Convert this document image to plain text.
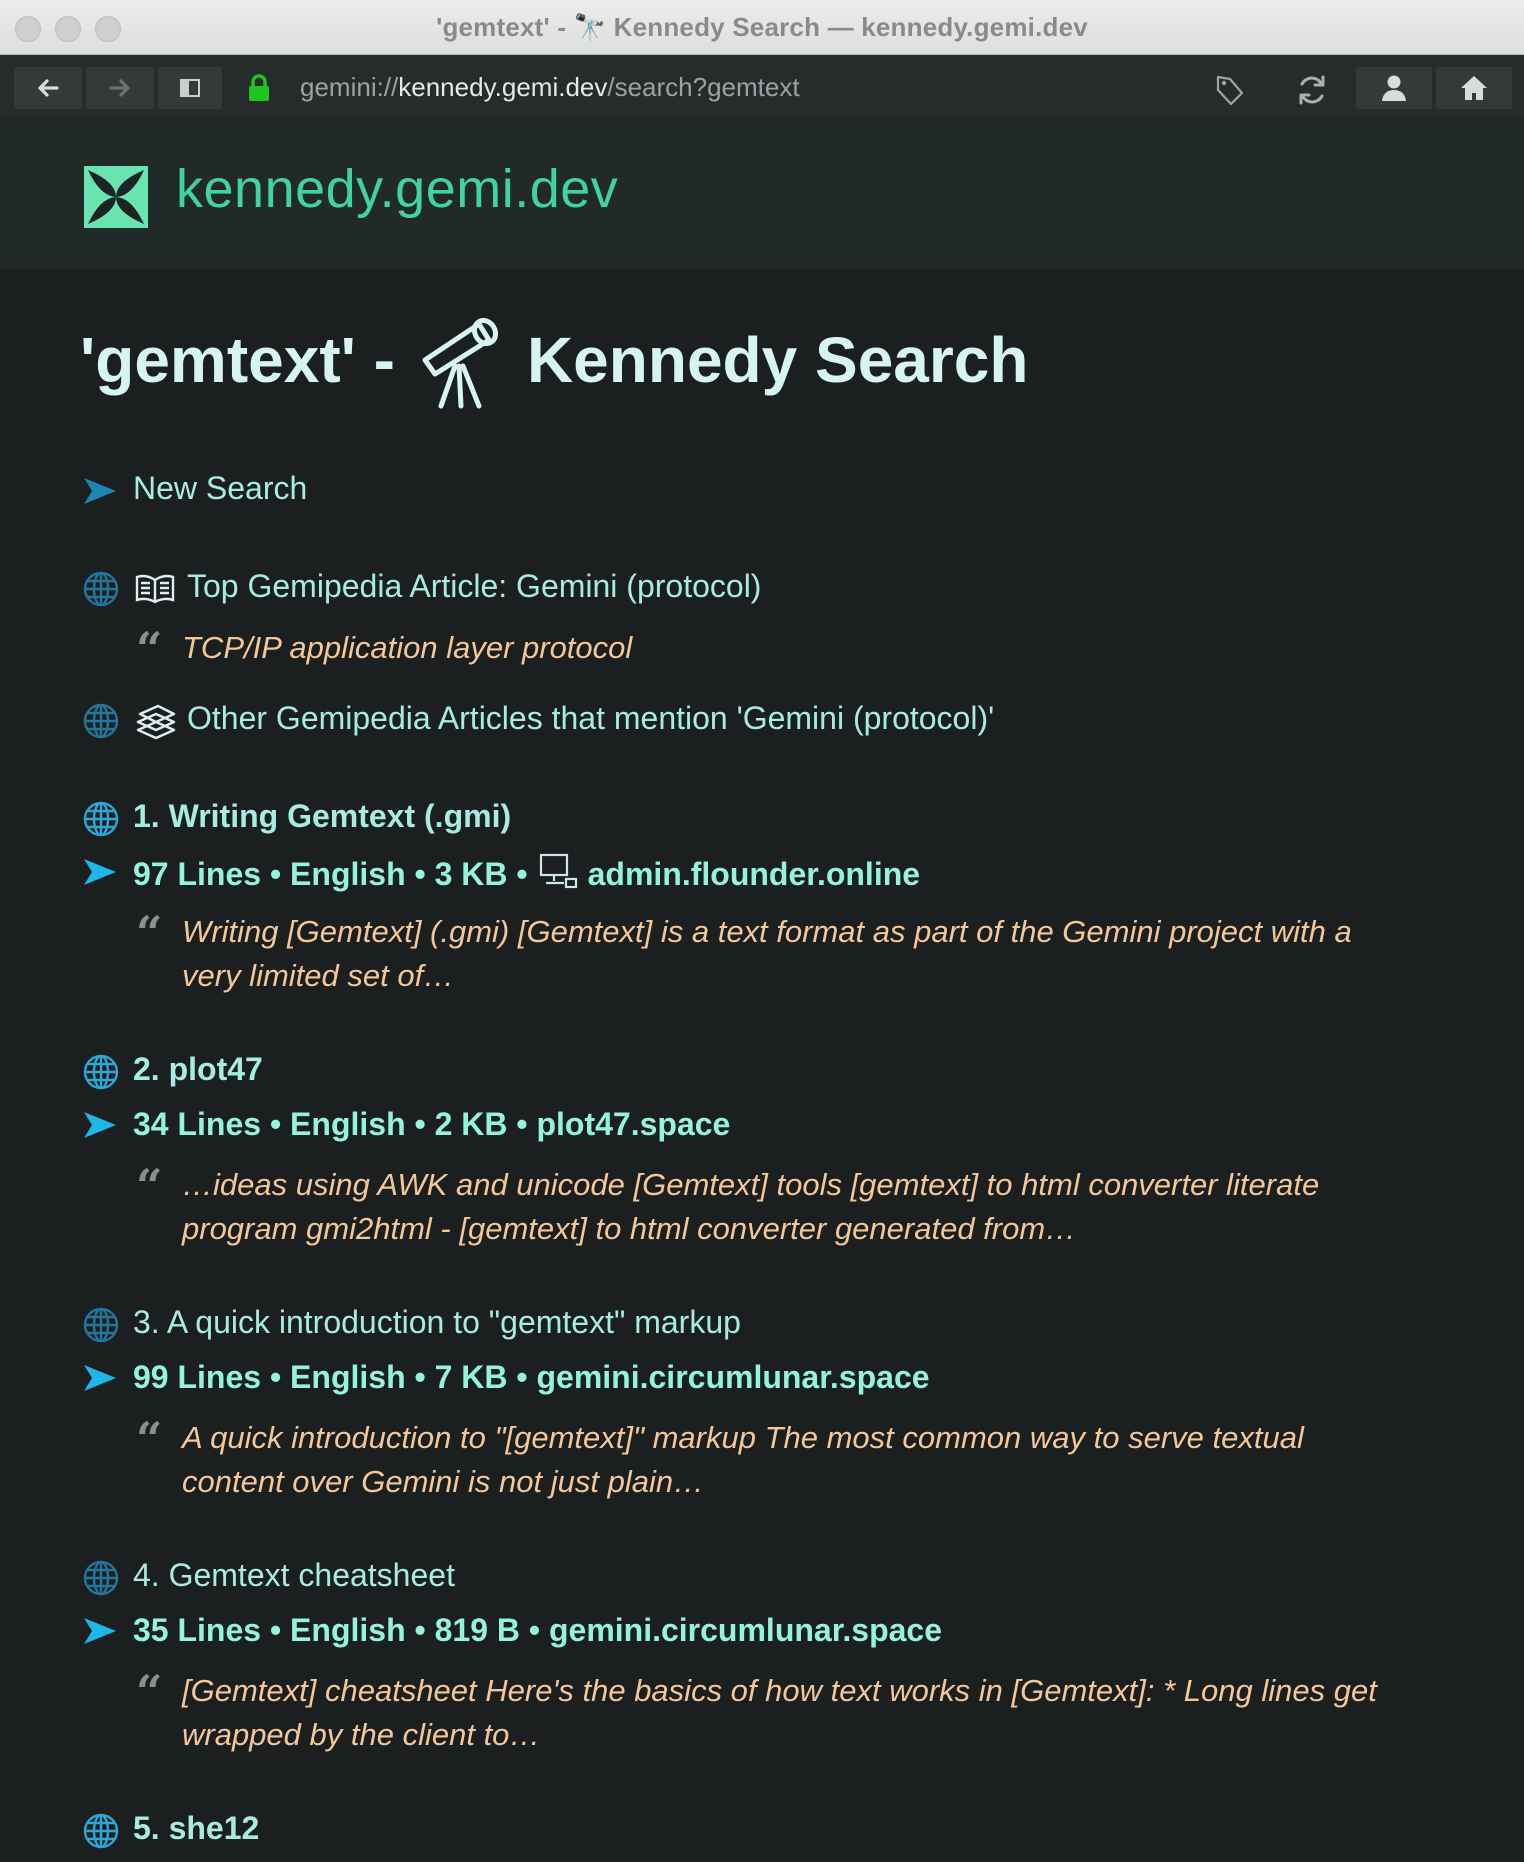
'gemtext' - 🔭 Kennedy Search — kennedy.gemi.dev
gemini://kennedy.gemi.dev/search?gemtext
kennedy.gemi.dev
'gemtext' - Kennedy Search
New Search
Top Gemipedia Article: Gemini (protocol)
“ TCP/IP application layer protocol
Other Gemipedia Articles that mention 'Gemini (protocol)'
1. Writing Gemtext (.gmi)
97 Lines • English • 3 KB • admin.flounder.online
“ Writing [Gemtext] (.gmi) [Gemtext] is a text format as part of the Gemini project with a very limited set of…
2. plot47
34 Lines • English • 2 KB • plot47.space
“ …ideas using AWK and unicode [Gemtext] tools [gemtext] to html converter literate program gmi2html - [gemtext] to html converter generated from…
3. A quick introduction to "gemtext" markup
99 Lines • English • 7 KB • gemini.circumlunar.space
“ A quick introduction to "[gemtext]" markup The most common way to serve textual content over Gemini is not just plain…
4. Gemtext cheatsheet
35 Lines • English • 819 B • gemini.circumlunar.space
“ [Gemtext] cheatsheet Here's the basics of how text works in [Gemtext]: * Long lines get wrapped by the client to…
5. she12
